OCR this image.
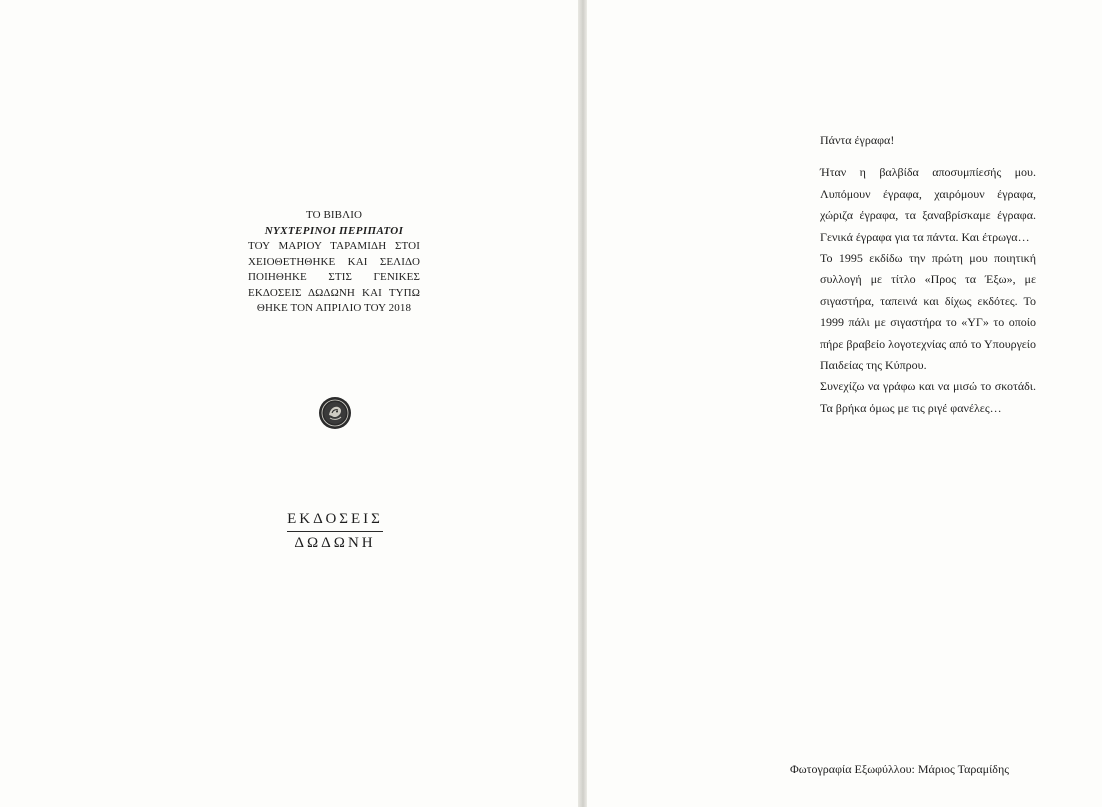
ΤΟ ΒΙΒΛΙΟ
ΝΥΧΤΕΡΙΝΟΙ ΠΕΡΙΠΑΤΟΙ
ΤΟΥ ΜΑΡΙΟΥ ΤΑΡΑΜΙΔΗ ΣΤΟΙ
ΧΕΙΟΘΕΤΗΘΗΚΕ ΚΑΙ ΣΕΛΙΔΟ
ΠΟΙΗΘΗΚΕ ΣΤΙΣ ΓΕΝΙΚΕΣ
ΕΚΔΟΣΕΙΣ ΔΩΔΩΝΗ ΚΑΙ ΤΥΠΩ
ΘΗΚΕ ΤΟΝ ΑΠΡΙΛΙΟ ΤΟΥ 2018
ΕΚΔΟΣΕΙΣ
ΔΩΔΩΝΗ

Πάντα έγραφα!

Ήταν η βαλβίδα αποσυμπίεσής μου. Λυπόμουν έγραφα, χαιρόμουν έγραφα, χώριζα έγραφα, τα ξαναβρίσκαμε έγραφα. Γενικά έγραφα για τα πάντα. Και έτρωγα…

Το 1995 εκδίδω την πρώτη μου ποιητική συλλογή με τίτλο «Προς τα Έξω», με σιγαστήρα, ταπεινά και δίχως εκδότες. Το 1999 πάλι με σιγαστήρα το «ΥΓ» το οποίο πήρε βραβείο λογοτεχνίας από το Υπουργείο Παιδείας της Κύπρου.

Συνεχίζω να γράφω και να μισώ το σκοτάδι. Τα βρήκα όμως με τις ριγέ φανέλες…

Φωτογραφία Εξωφύλλου: Μάριος Ταραμίδης
